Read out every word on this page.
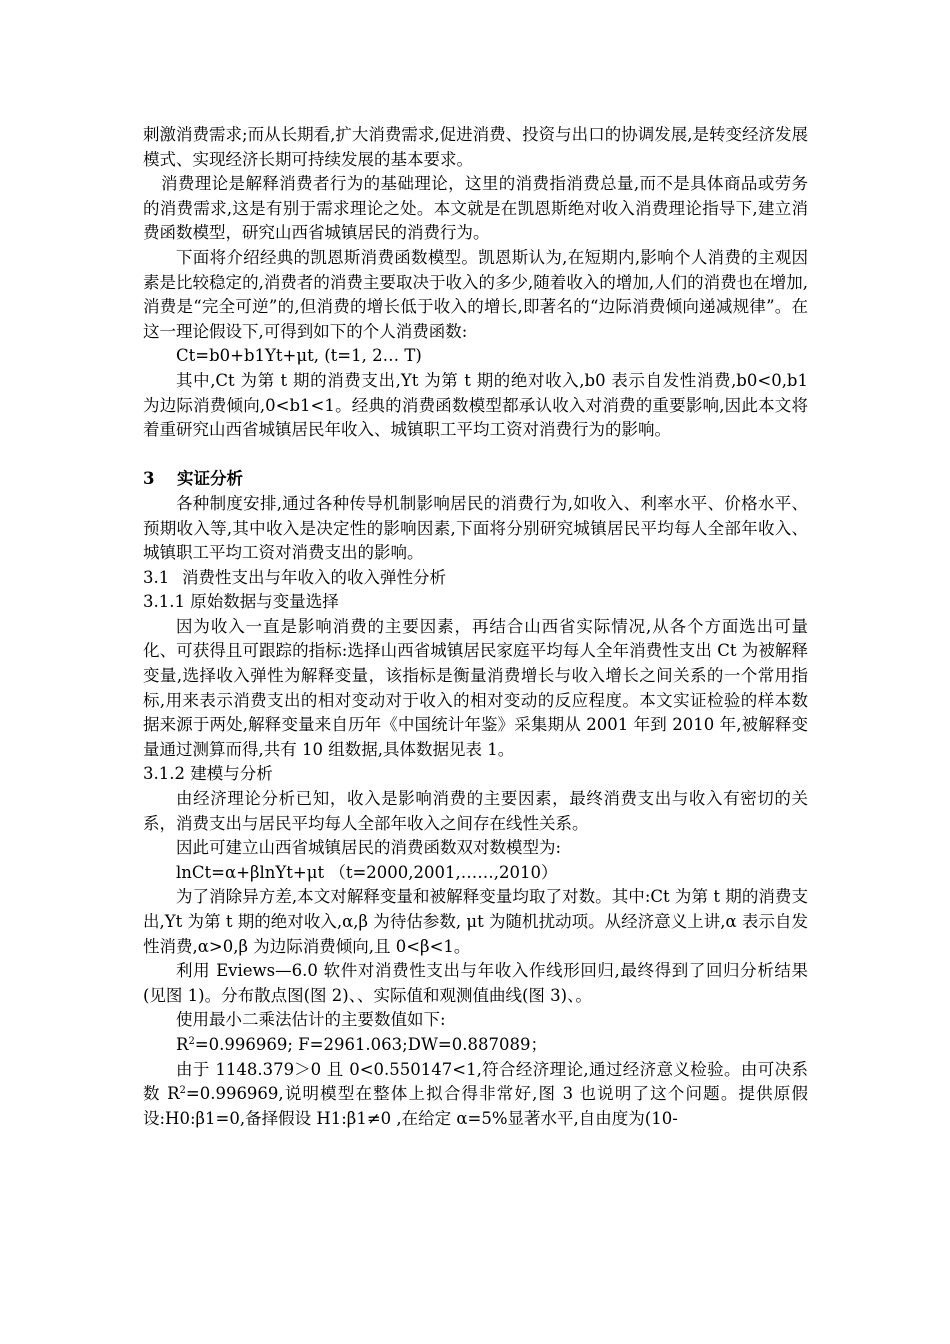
刺激消费需求;而从长期看,扩大消费需求,促进消费、投资与出口的协调发展,是转变经济发展模式、实现经济长期可持续发展的基本要求。

消费理论是解释消费者行为的基础理论，这里的消费指消费总量,而不是具体商品或劳务的消费需求,这是有别于需求理论之处。本文就是在凯恩斯绝对收入消费理论指导下,建立消费函数模型，研究山西省城镇居民的消费行为。

下面将介绍经典的凯恩斯消费函数模型。凯恩斯认为,在短期内,影响个人消费的主观因素是比较稳定的,消费者的消费主要取决于收入的多少,随着收入的增加,人们的消费也在增加,消费是“完全可逆”的,但消费的增长低于收入的增长,即著名的“边际消费倾向递减规律”。在这一理论假设下,可得到如下的个人消费函数:

Ct=b0+b1Yt+μt, (t=1, 2… T)

其中,Ct 为第 t 期的消费支出,Yt 为第 t 期的绝对收入,b0 表示自发性消费,b0<0,b1 为边际消费倾向,0<b1<1。经典的消费函数模型都承认收入对消费的重要影响,因此本文将着重研究山西省城镇居民年收入、城镇职工平均工资对消费行为的影响。

3 实证分析

各种制度安排,通过各种传导机制影响居民的消费行为,如收入、利率水平、价格水平、预期收入等,其中收入是决定性的影响因素,下面将分别研究城镇居民平均每人全部年收入、城镇职工平均工资对消费支出的影响。

3.1 消费性支出与年收入的收入弹性分析

3.1.1 原始数据与变量选择

因为收入一直是影响消费的主要因素，再结合山西省实际情况,从各个方面选出可量化、可获得且可跟踪的指标:选择山西省城镇居民家庭平均每人全年消费性支出 Ct 为被解释变量,选择收入弹性为解释变量，该指标是衡量消费增长与收入增长之间关系的一个常用指标,用来表示消费支出的相对变动对于收入的相对变动的反应程度。本文实证检验的样本数据来源于两处,解释变量来自历年《中国统计年鉴》采集期从 2001 年到 2010 年,被解释变量通过测算而得,共有 10 组数据,具体数据见表 1。

3.1.2 建模与分析

由经济理论分析已知，收入是影响消费的主要因素，最终消费支出与收入有密切的关系，消费支出与居民平均每人全部年收入之间存在线性关系。

因此可建立山西省城镇居民的消费函数双对数模型为:

lnCt=α+βlnYt+μt （t=2000,2001,……,2010）

为了消除异方差,本文对解释变量和被解释变量均取了对数。其中:Ct 为第 t 期的消费支出,Yt 为第 t 期的绝对收入,α,β 为待估参数, μt 为随机扰动项。从经济意义上讲,α 表示自发性消费,α>0,β 为边际消费倾向,且 0<β<1。

利用 Eviews—6.0 软件对消费性支出与年收入作线形回归,最终得到了回归分析结果(见图 1)。分布散点图(图 2)、、实际值和观测值曲线(图 3)、。

使用最小二乘法估计的主要数值如下:

$R^2=0.996969$; F=2961.063;DW=0.887089；

由于 1148.379＞0 且 0<0.550147<1,符合经济理论,通过经济意义检验。由可决系数 $R^2=0.996969$,说明模型在整体上拟合得非常好,图 3 也说明了这个问题。提供原假设:H0:β1=0,备择假设 H1:β1≠0 ,在给定 α=5%显著水平,自由度为(10-
